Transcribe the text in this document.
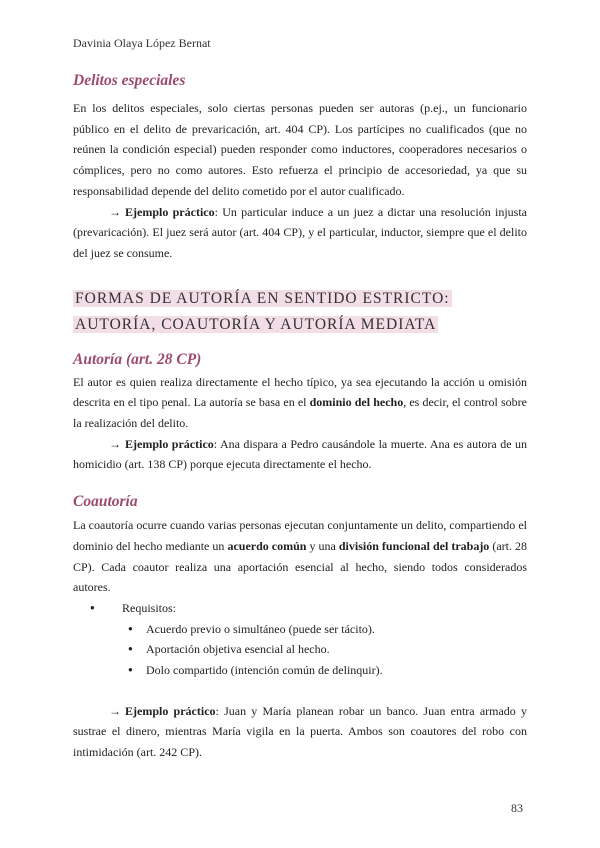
Davinia Olaya López Bernat
Delitos especiales

En los delitos especiales, solo ciertas personas pueden ser autoras (p.ej., un funcionario público en el delito de prevaricación, art. 404 CP). Los partícipes no cualificados (que no reúnen la condición especial) pueden responder como inductores, cooperadores necesarios o cómplices, pero no como autores. Esto refuerza el principio de accesoriedad, ya que su responsabilidad depende del delito cometido por el autor cualificado.

→ Ejemplo práctico: Un particular induce a un juez a dictar una resolución injusta (prevaricación). El juez será autor (art. 404 CP), y el particular, inductor, siempre que el delito del juez se consume.

FORMAS DE AUTORÍA EN SENTIDO ESTRICTO: AUTORÍA, COAUTORÍA Y AUTORÍA MEDIATA
Autoría (art. 28 CP)

El autor es quien realiza directamente el hecho típico, ya sea ejecutando la acción u omisión descrita en el tipo penal. La autoría se basa en el dominio del hecho, es decir, el control sobre la realización del delito.

→ Ejemplo práctico: Ana dispara a Pedro causándole la muerte. Ana es autora de un homicidio (art. 138 CP) porque ejecuta directamente el hecho.

Coautoría

La coautoría ocurre cuando varias personas ejecutan conjuntamente un delito, compartiendo el dominio del hecho mediante un acuerdo común y una división funcional del trabajo (art. 28 CP). Cada coautor realiza una aportación esencial al hecho, siendo todos considerados autores.

● Requisitos:
● Acuerdo previo o simultáneo (puede ser tácito).
● Aportación objetiva esencial al hecho.
● Dolo compartido (intención común de delinquir).

→ Ejemplo práctico: Juan y María planean robar un banco. Juan entra armado y sustrae el dinero, mientras María vigila en la puerta. Ambos son coautores del robo con intimidación (art. 242 CP).

83
